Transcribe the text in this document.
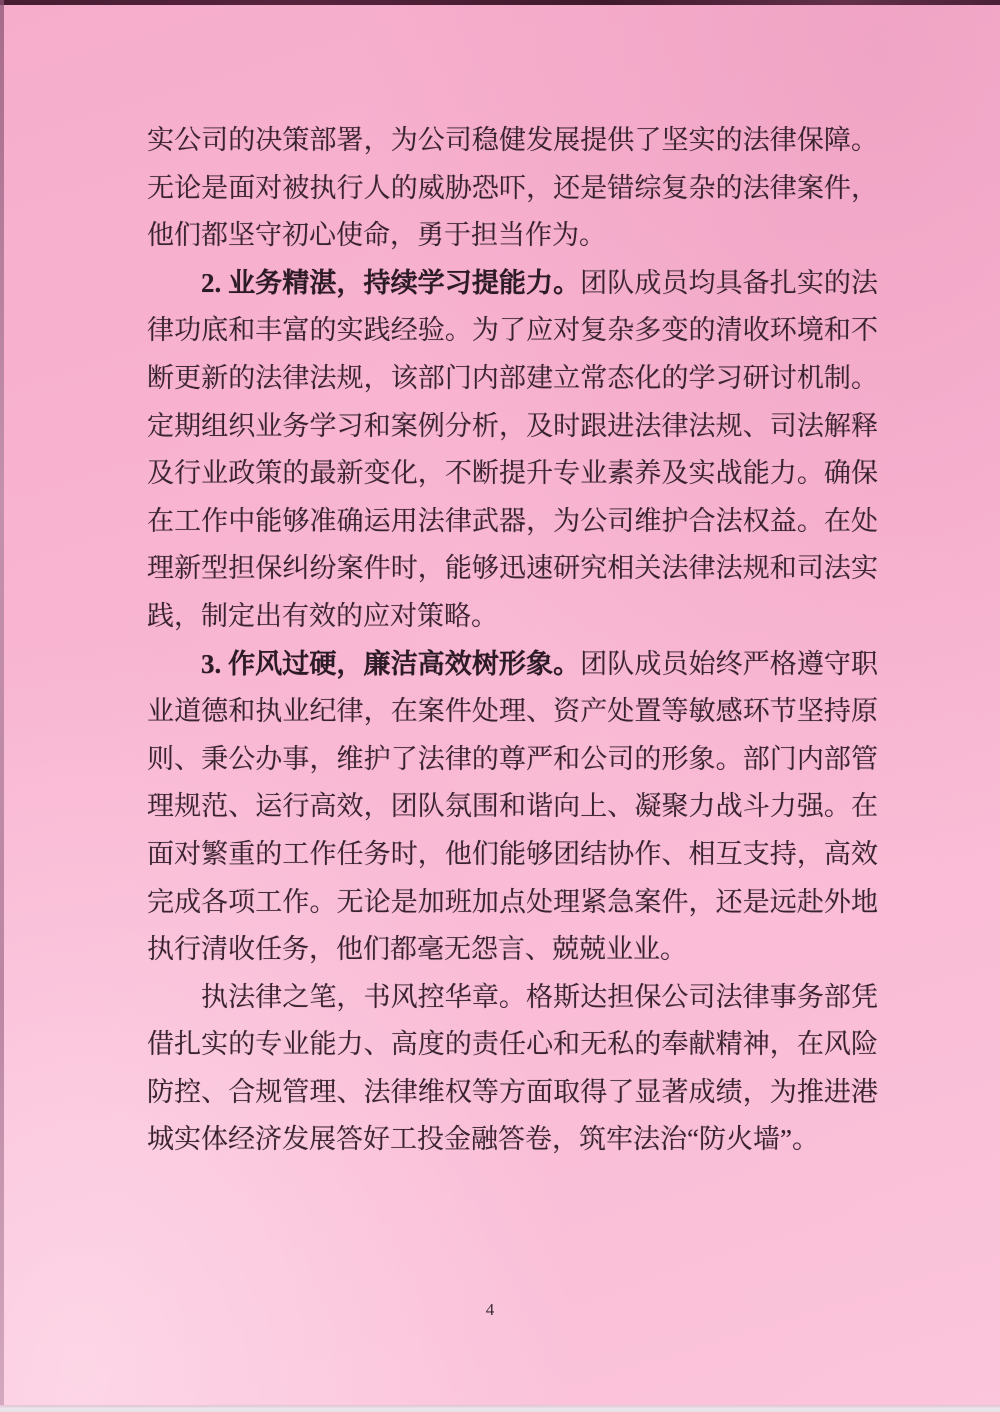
实公司的决策部署，为公司稳健发展提供了坚实的法律保障。无论是面对被执行人的威胁恐吓，还是错综复杂的法律案件，他们都坚守初心使命，勇于担当作为。

2. 业务精湛，持续学习提能力。团队成员均具备扎实的法律功底和丰富的实践经验。为了应对复杂多变的清收环境和不断更新的法律法规，该部门内部建立常态化的学习研讨机制。定期组织业务学习和案例分析，及时跟进法律法规、司法解释及行业政策的最新变化，不断提升专业素养及实战能力。确保在工作中能够准确运用法律武器，为公司维护合法权益。在处理新型担保纠纷案件时，能够迅速研究相关法律法规和司法实践，制定出有效的应对策略。

3. 作风过硬，廉洁高效树形象。团队成员始终严格遵守职业道德和执业纪律，在案件处理、资产处置等敏感环节坚持原则、秉公办事，维护了法律的尊严和公司的形象。部门内部管理规范、运行高效，团队氛围和谐向上、凝聚力战斗力强。在面对繁重的工作任务时，他们能够团结协作、相互支持，高效完成各项工作。无论是加班加点处理紧急案件，还是远赴外地执行清收任务，他们都毫无怨言、兢兢业业。

执法律之笔，书风控华章。格斯达担保公司法律事务部凭借扎实的专业能力、高度的责任心和无私的奉献精神，在风险防控、合规管理、法律维权等方面取得了显著成绩，为推进港城实体经济发展答好工投金融答卷，筑牢法治“防火墙”。

4
